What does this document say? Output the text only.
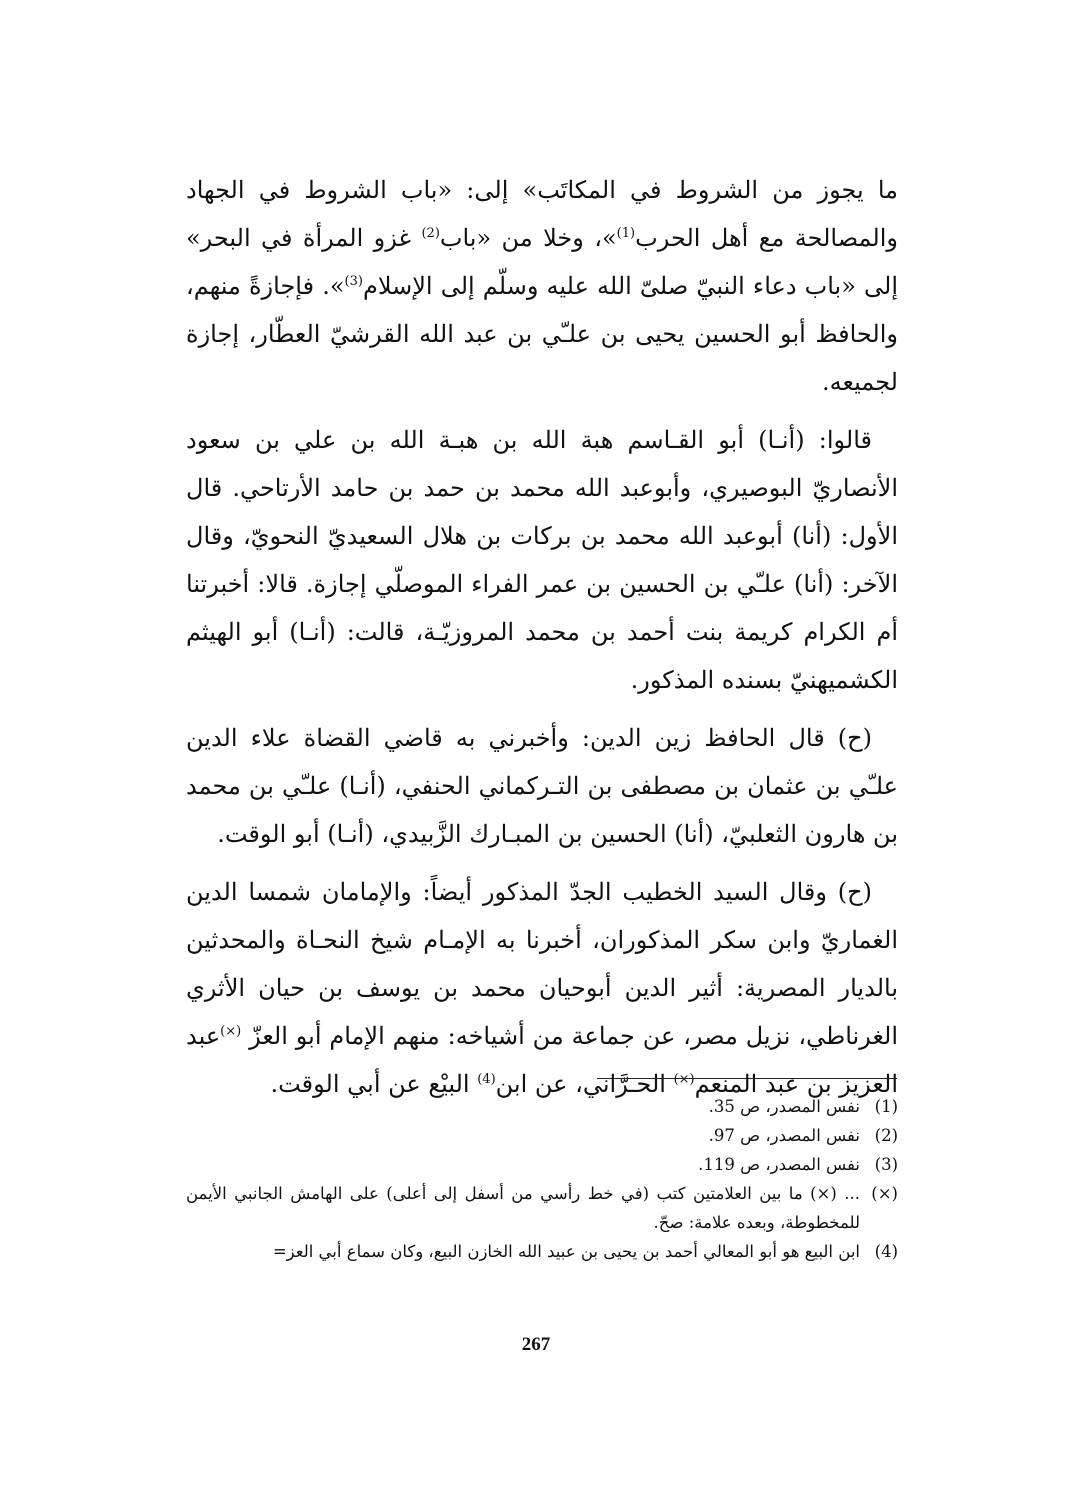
ما يجوز من الشروط في المكاتَب» إلى: «باب الشروط في الجهاد والمصالحة مع أهل الحرب$^{(1)}$»، وخلا من «باب$^{(2)}$ غزو المرأة في البحر» إلى «باب دعاء النبيّ صلىّ الله عليه وسلّم إلى الإسلام$^{(3)}$». فإجازةً منهم، والحافظ أبو الحسين يحيى بن علـّي بن عبد الله القرشيّ العطّار، إجازة لجميعه.

قالوا: (أنـا) أبو القـاسم هبة الله بن هبـة الله بن علي بن سعود الأنصاريّ البوصيري، وأبوعبد الله محمد بن حمد بن حامد الأرتاحي. قال الأول: (أنا) أبوعبد الله محمد بن بركات بن هلال السعيديّ النحويّ، وقال الآخر: (أنا) علـّي بن الحسين بن عمر الفراء الموصلّي إجازة. قالا: أخبرتنا أم الكرام كريمة بنت أحمد بن محمد المروزيّـة، قالت: (أنـا) أبو الهيثم الكشميهنيّ بسنده المذكور.

(ح) قال الحافظ زين الدين: وأخبرني به قاضي القضاة علاء الدين علـّي بن عثمان بن مصطفى بن التـركماني الحنفي، (أنـا) علـّي بن محمد بن هارون الثعلبيّ، (أنا) الحسين بن المبـارك الزَّبيدي، (أنـا) أبو الوقت.

(ح) وقال السيد الخطيب الجدّ المذكور أيضاً: والإمامان شمسا الدين الغماريّ وابن سكر المذكوران، أخبرنا به الإمـام شيخ النحـاة والمحدثين بالديار المصرية: أثير الدين أبوحيان محمد بن يوسف بن حيان الأثري الغرناطي، نزيل مصر، عن جماعة من أشياخه: منهم الإمام أبو العزّ (×)عبد العزيز بن عبد المنعم(×) الحـرَّاني، عن ابن$^{(4)}$ البيْع عن أبي الوقت.

(1)
نفس المصدر، ص 35.
(2)
نفس المصدر، ص 97.
(3)
نفس المصدر، ص 119.
(×)
... (×) ما بين العلامتين كتب (في خط رأسي من أسفل إلى أعلى) على الهامش الجانبي الأيمن للمخطوطة، وبعده علامة: صحّ.
(4)
ابن البيع هو أبو المعالي أحمد بن يحيى بن عبيد الله الخازن البيع، وكان سماع أبي العز=
267
